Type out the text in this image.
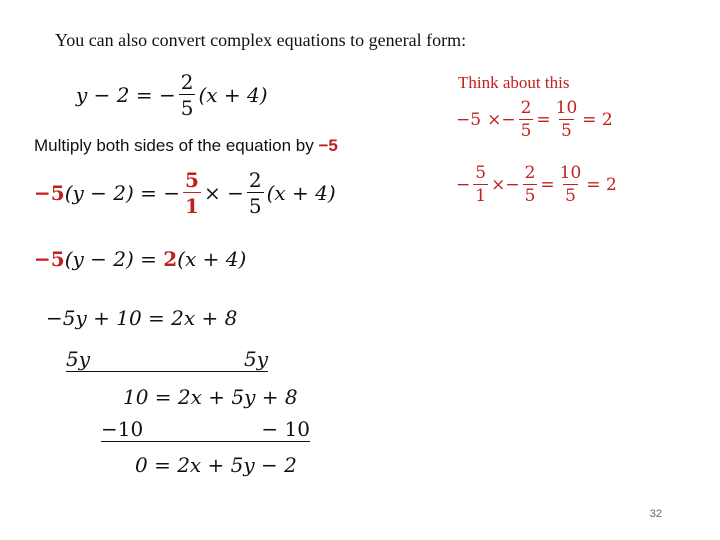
You can also convert complex equations to general form:
Think about this
−5 × − $\frac{2}{5} = \frac{10}{5} = 2$
− $\frac{5}{1}$ × − $\frac{2}{5} = \frac{10}{5} = 2$
y − 2 = − $\frac{2}{5} (x + 4)$
Multiply both sides of the equation by −5
−5 (y − 2) = − $\frac{5}{1}$ × − $\frac{2}{5} (x + 4)$
−5 (y − 2) = 2 (x + 4)
−5y + 10 = 2x + 8
5y	5y
10 = 2x + 5y + 8
−10	− 10
0 = 2x + 5y − 2
32
